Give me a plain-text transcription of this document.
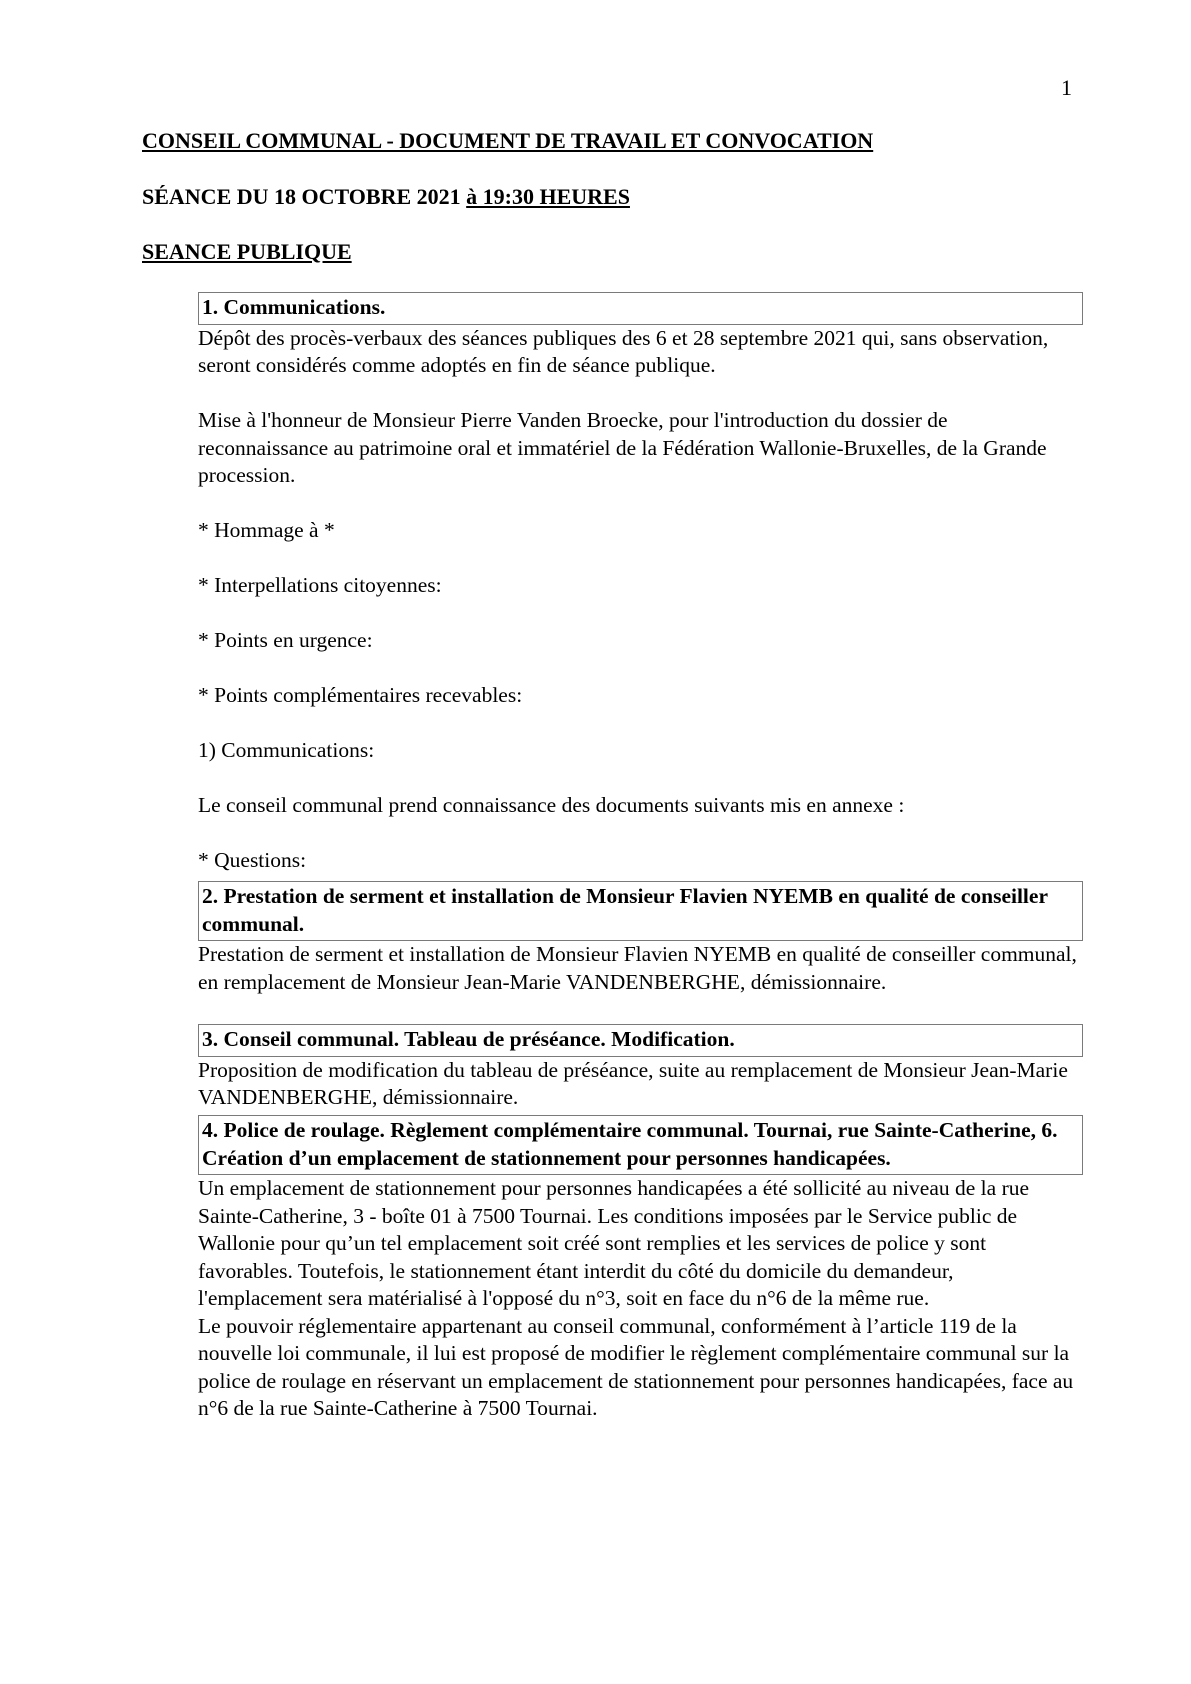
1
CONSEIL COMMUNAL - DOCUMENT DE TRAVAIL ET CONVOCATION
SÉANCE DU 18 OCTOBRE 2021 à 19:30 HEURES
SEANCE PUBLIQUE
1. Communications.

Dépôt des procès-verbaux des séances publiques des 6 et 28 septembre 2021 qui, sans observation, seront considérés comme adoptés en fin de séance publique.

Mise à l'honneur de Monsieur Pierre Vanden Broecke, pour l'introduction du dossier de reconnaissance au patrimoine oral et immatériel de la Fédération Wallonie-Bruxelles, de la Grande procession.

* Hommage à *

* Interpellations citoyennes:

* Points en urgence:

* Points complémentaires recevables:

1) Communications:

Le conseil communal prend connaissance des documents suivants mis en annexe :

* Questions:

2. Prestation de serment et installation de Monsieur Flavien NYEMB en qualité de conseiller communal.

Prestation de serment et installation de Monsieur Flavien NYEMB en qualité de conseiller communal, en remplacement de Monsieur Jean-Marie VANDENBERGHE, démissionnaire.

3. Conseil communal. Tableau de préséance. Modification.

Proposition de modification du tableau de préséance, suite au remplacement de Monsieur Jean-Marie VANDENBERGHE, démissionnaire.

4. Police de roulage. Règlement complémentaire communal. Tournai, rue Sainte-Catherine, 6. Création d’un emplacement de stationnement pour personnes handicapées.

Un emplacement de stationnement pour personnes handicapées a été sollicité au niveau de la rue Sainte-Catherine, 3 - boîte 01 à 7500 Tournai. Les conditions imposées par le Service public de Wallonie pour qu’un tel emplacement soit créé sont remplies et les services de police y sont favorables. Toutefois, le stationnement étant interdit du côté du domicile du demandeur, l'emplacement sera matérialisé à l'opposé du n°3, soit en face du n°6 de la même rue.

Le pouvoir réglementaire appartenant au conseil communal, conformément à l’article 119 de la nouvelle loi communale, il lui est proposé de modifier le règlement complémentaire communal sur la police de roulage en réservant un emplacement de stationnement pour personnes handicapées, face au n°6 de la rue Sainte-Catherine à 7500 Tournai.
